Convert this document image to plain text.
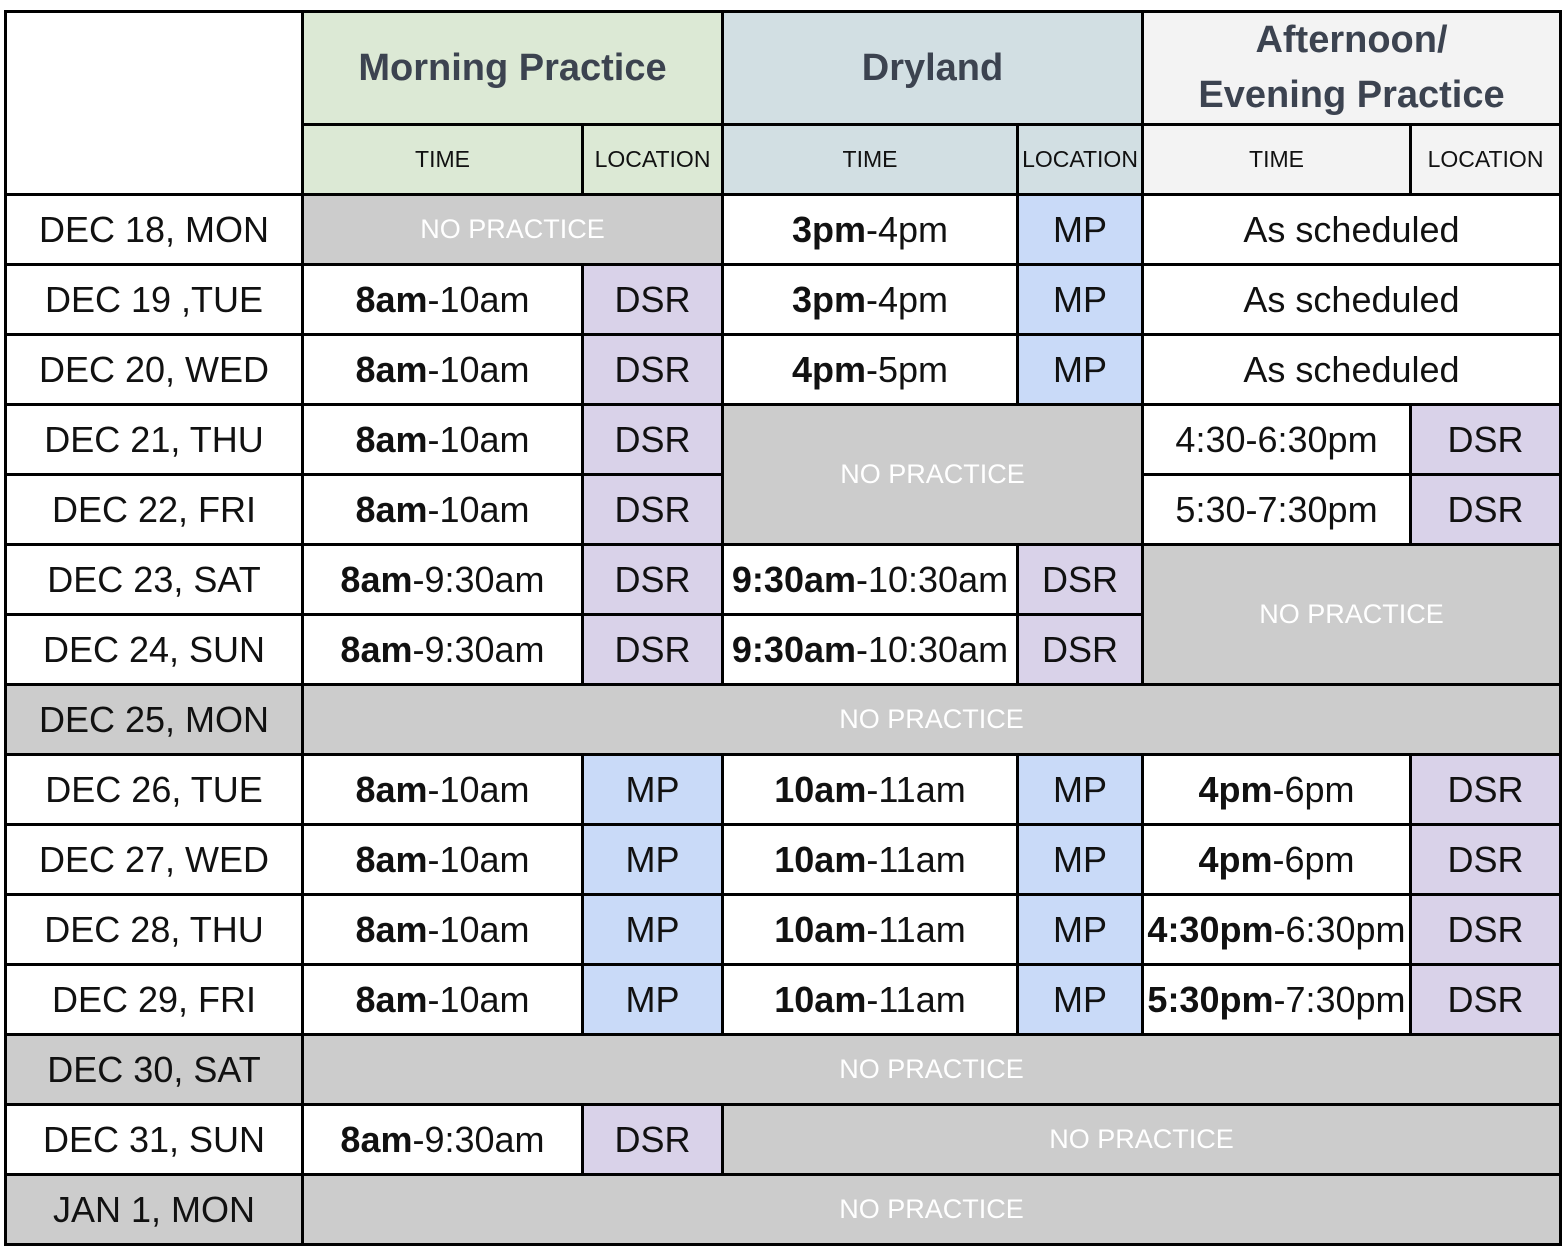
	Morning Practice		Dryland		Afternoon/
Evening Practice	
	TIME	LOCATION	TIME	LOCATION	TIME	LOCATION
DEC 18, MON	NO PRACTICE		3pm-4pm	MP	As scheduled	
DEC 19 ,TUE	8am-10am	DSR	3pm-4pm	MP	As scheduled	
DEC 20, WED	8am-10am	DSR	4pm-5pm	MP	As scheduled	
DEC 21, THU	8am-10am	DSR	NO PRACTICE		4:30-6:30pm	DSR
DEC 22, FRI	8am-10am	DSR			5:30-7:30pm	DSR
DEC 23, SAT	8am-9:30am	DSR	9:30am-10:30am	DSR	NO PRACTICE	
DEC 24, SUN	8am-9:30am	DSR	9:30am-10:30am	DSR		
DEC 25, MON	NO PRACTICE					
DEC 26, TUE	8am-10am	MP	10am-11am	MP	4pm-6pm	DSR
DEC 27, WED	8am-10am	MP	10am-11am	MP	4pm-6pm	DSR
DEC 28, THU	8am-10am	MP	10am-11am	MP	4:30pm-6:30pm	DSR
DEC 29, FRI	8am-10am	MP	10am-11am	MP	5:30pm-7:30pm	DSR
DEC 30, SAT	NO PRACTICE					
DEC 31, SUN	8am-9:30am	DSR	NO PRACTICE			
JAN 1, MON	NO PRACTICE					
